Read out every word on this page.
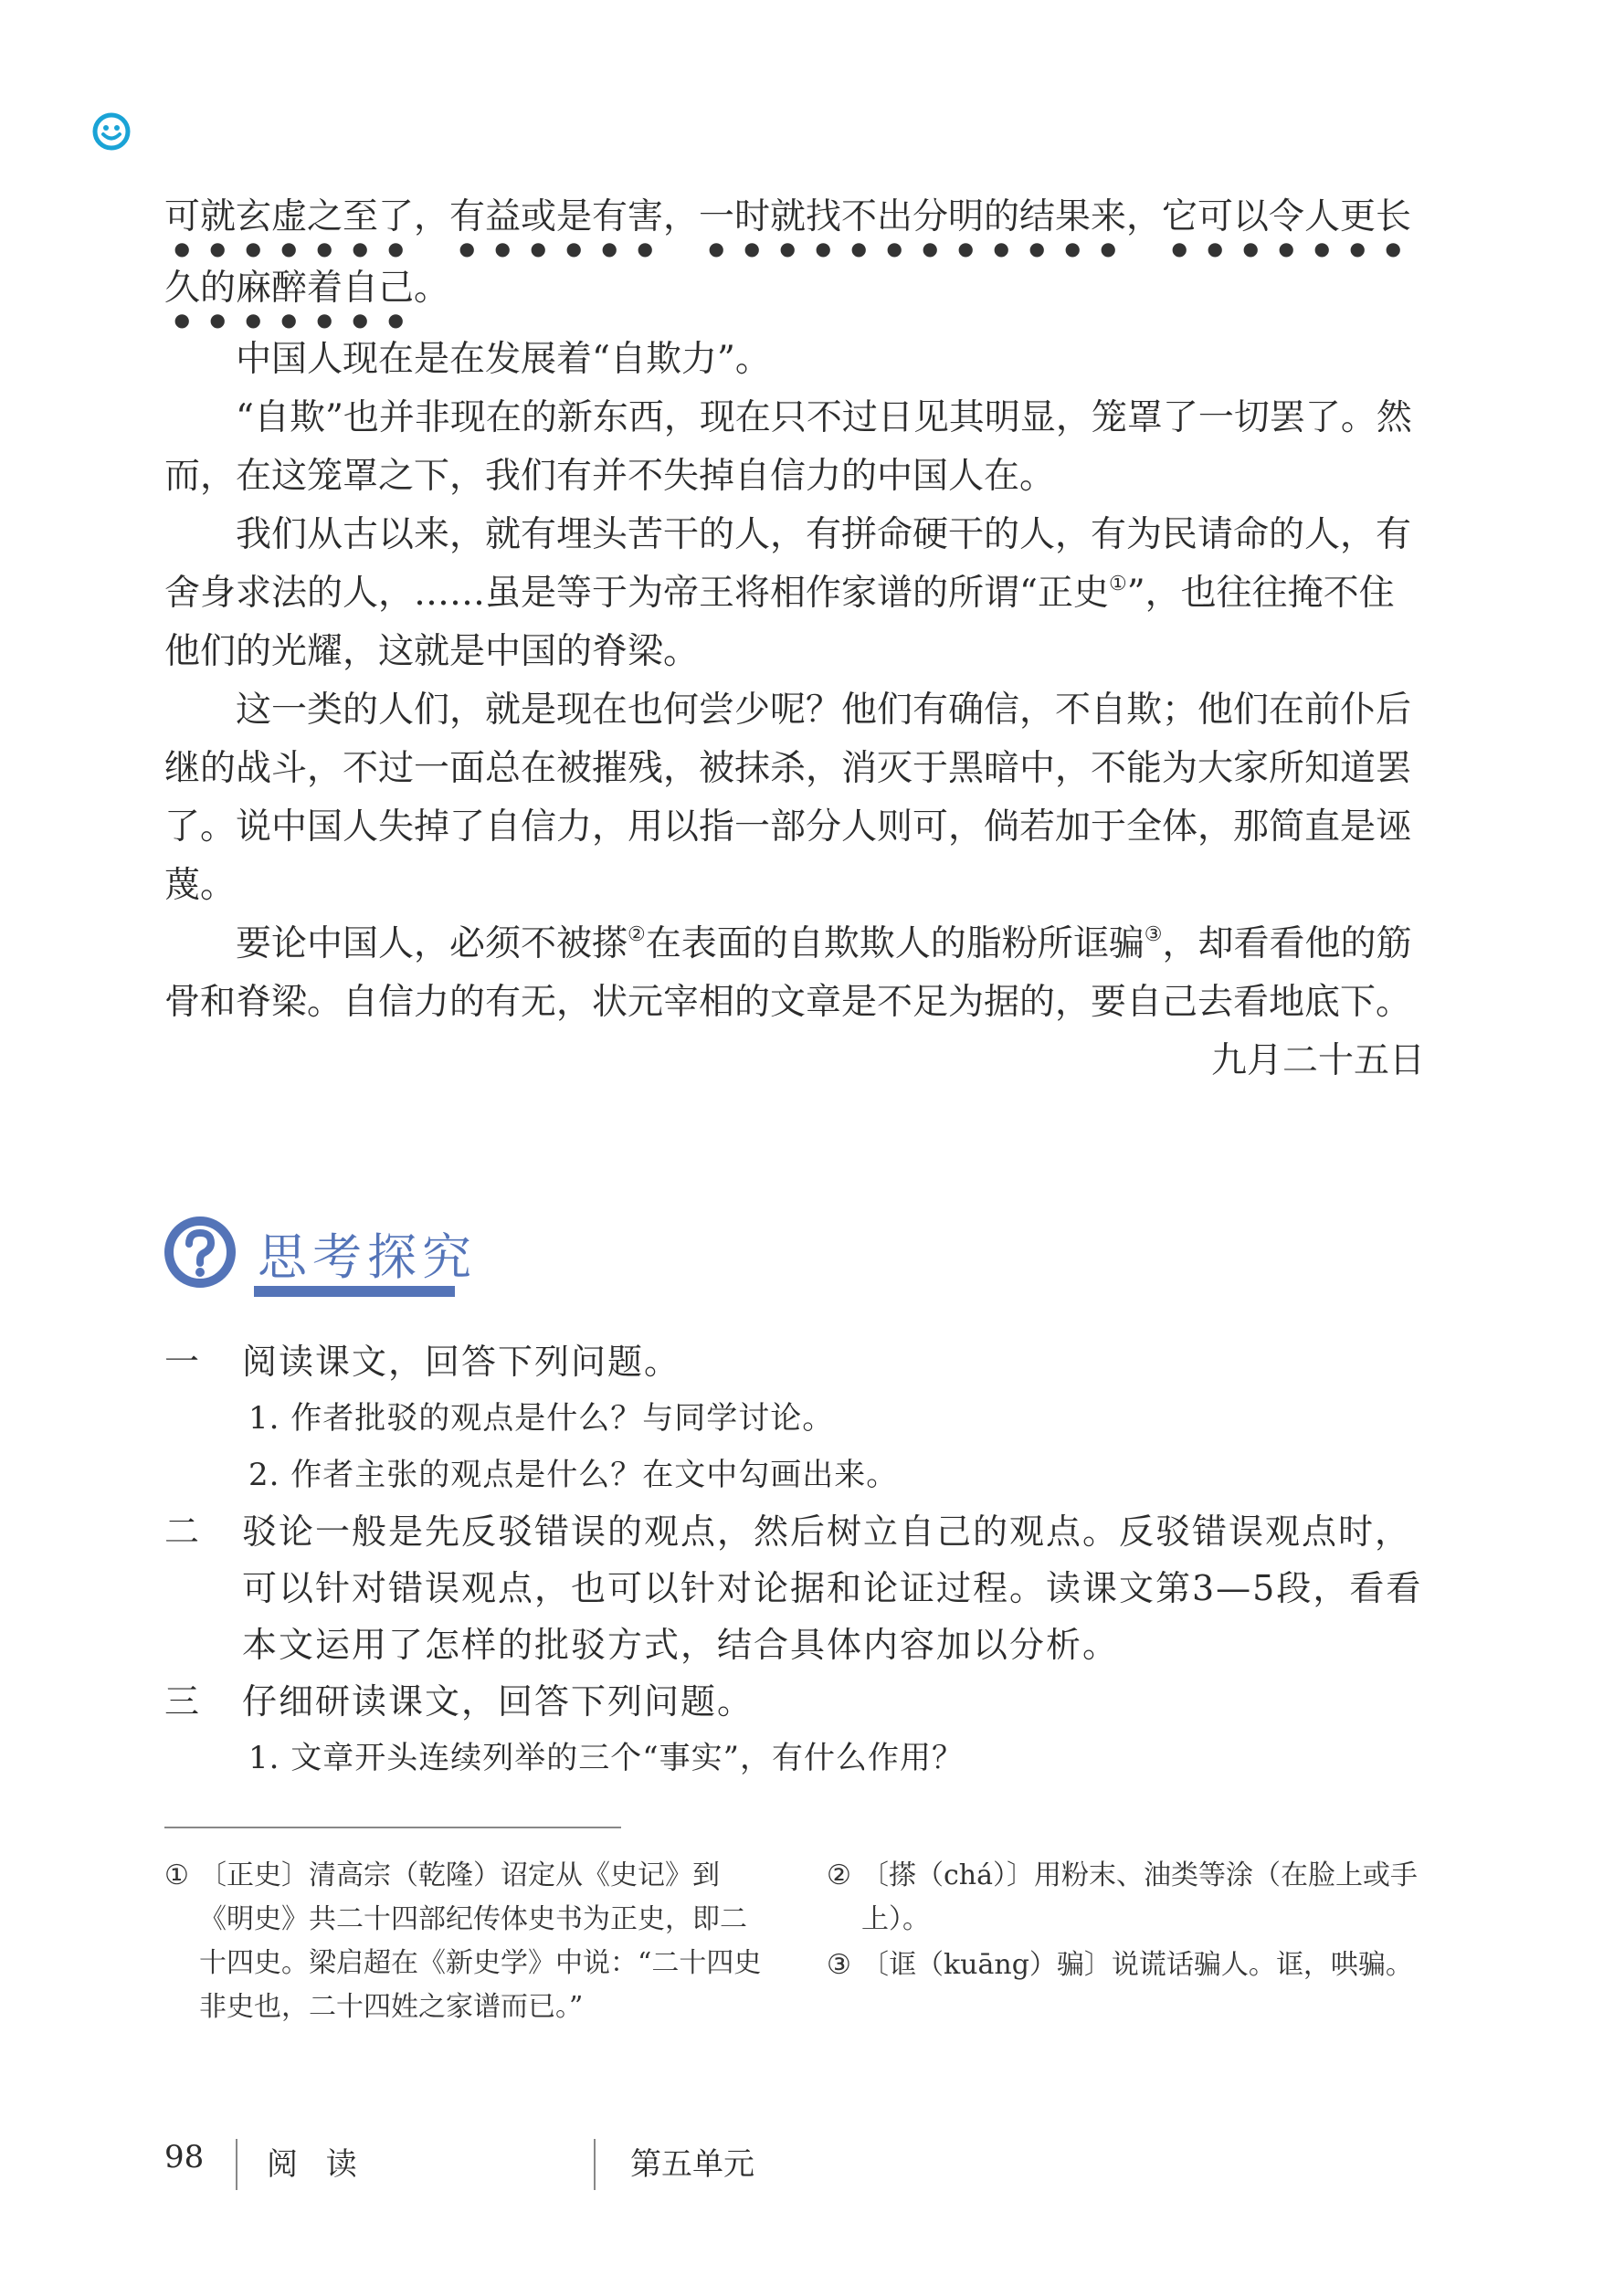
可就玄虚之至了，有益或是有害，一时就找不出分明的结果来，它可以令人更长久的麻醉着自己。

中国人现在是在发展着“自欺力”。

“自欺”也并非现在的新东西，现在只不过日见其明显，笼罩了一切罢了。然而，在这笼罩之下，我们有并不失掉自信力的中国人在。

我们从古以来，就有埋头苦干的人，有拼命硬干的人，有为民请命的人，有舍身求法的人，……虽是等于为帝王将相作家谱的所谓“正史①”，也往往掩不住他们的光耀，这就是中国的脊梁。

这一类的人们，就是现在也何尝少呢？他们有确信，不自欺；他们在前仆后继的战斗，不过一面总在被摧残，被抹杀，消灭于黑暗中，不能为大家所知道罢了。说中国人失掉了自信力，用以指一部分人则可，倘若加于全体，那简直是诬蔑。

要论中国人，必须不被搽②在表面的自欺欺人的脂粉所诓骗③，却看看他的筋骨和脊梁。自信力的有无，状元宰相的文章是不足为据的，要自己去看地底下。

九月二十五日

思考探究
一 阅读课文，回答下列问题。
1. 作者批驳的观点是什么？与同学讨论。
2. 作者主张的观点是什么？在文中勾画出来。
二 驳论一般是先反驳错误的观点，然后树立自己的观点。反驳错误观点时，可以针对错误观点，也可以针对论据和论证过程。读课文第3—5段，看看本文运用了怎样的批驳方式，结合具体内容加以分析。
三 仔细研读课文，回答下列问题。
1. 文章开头连续列举的三个“事实”，有什么作用？
① 〔正史〕清高宗（乾隆）诏定从《史记》到《明史》共二十四部纪传体史书为正史，即二十四史。梁启超在《新史学》中说：“二十四史非史也，二十四姓之家谱而已。”
② 〔搽（chá）〕用粉末、油类等涂（在脸上或手上）。
③ 〔诓（kuāng）骗〕说谎话骗人。诓，哄骗。
98 阅 读	第五单元
